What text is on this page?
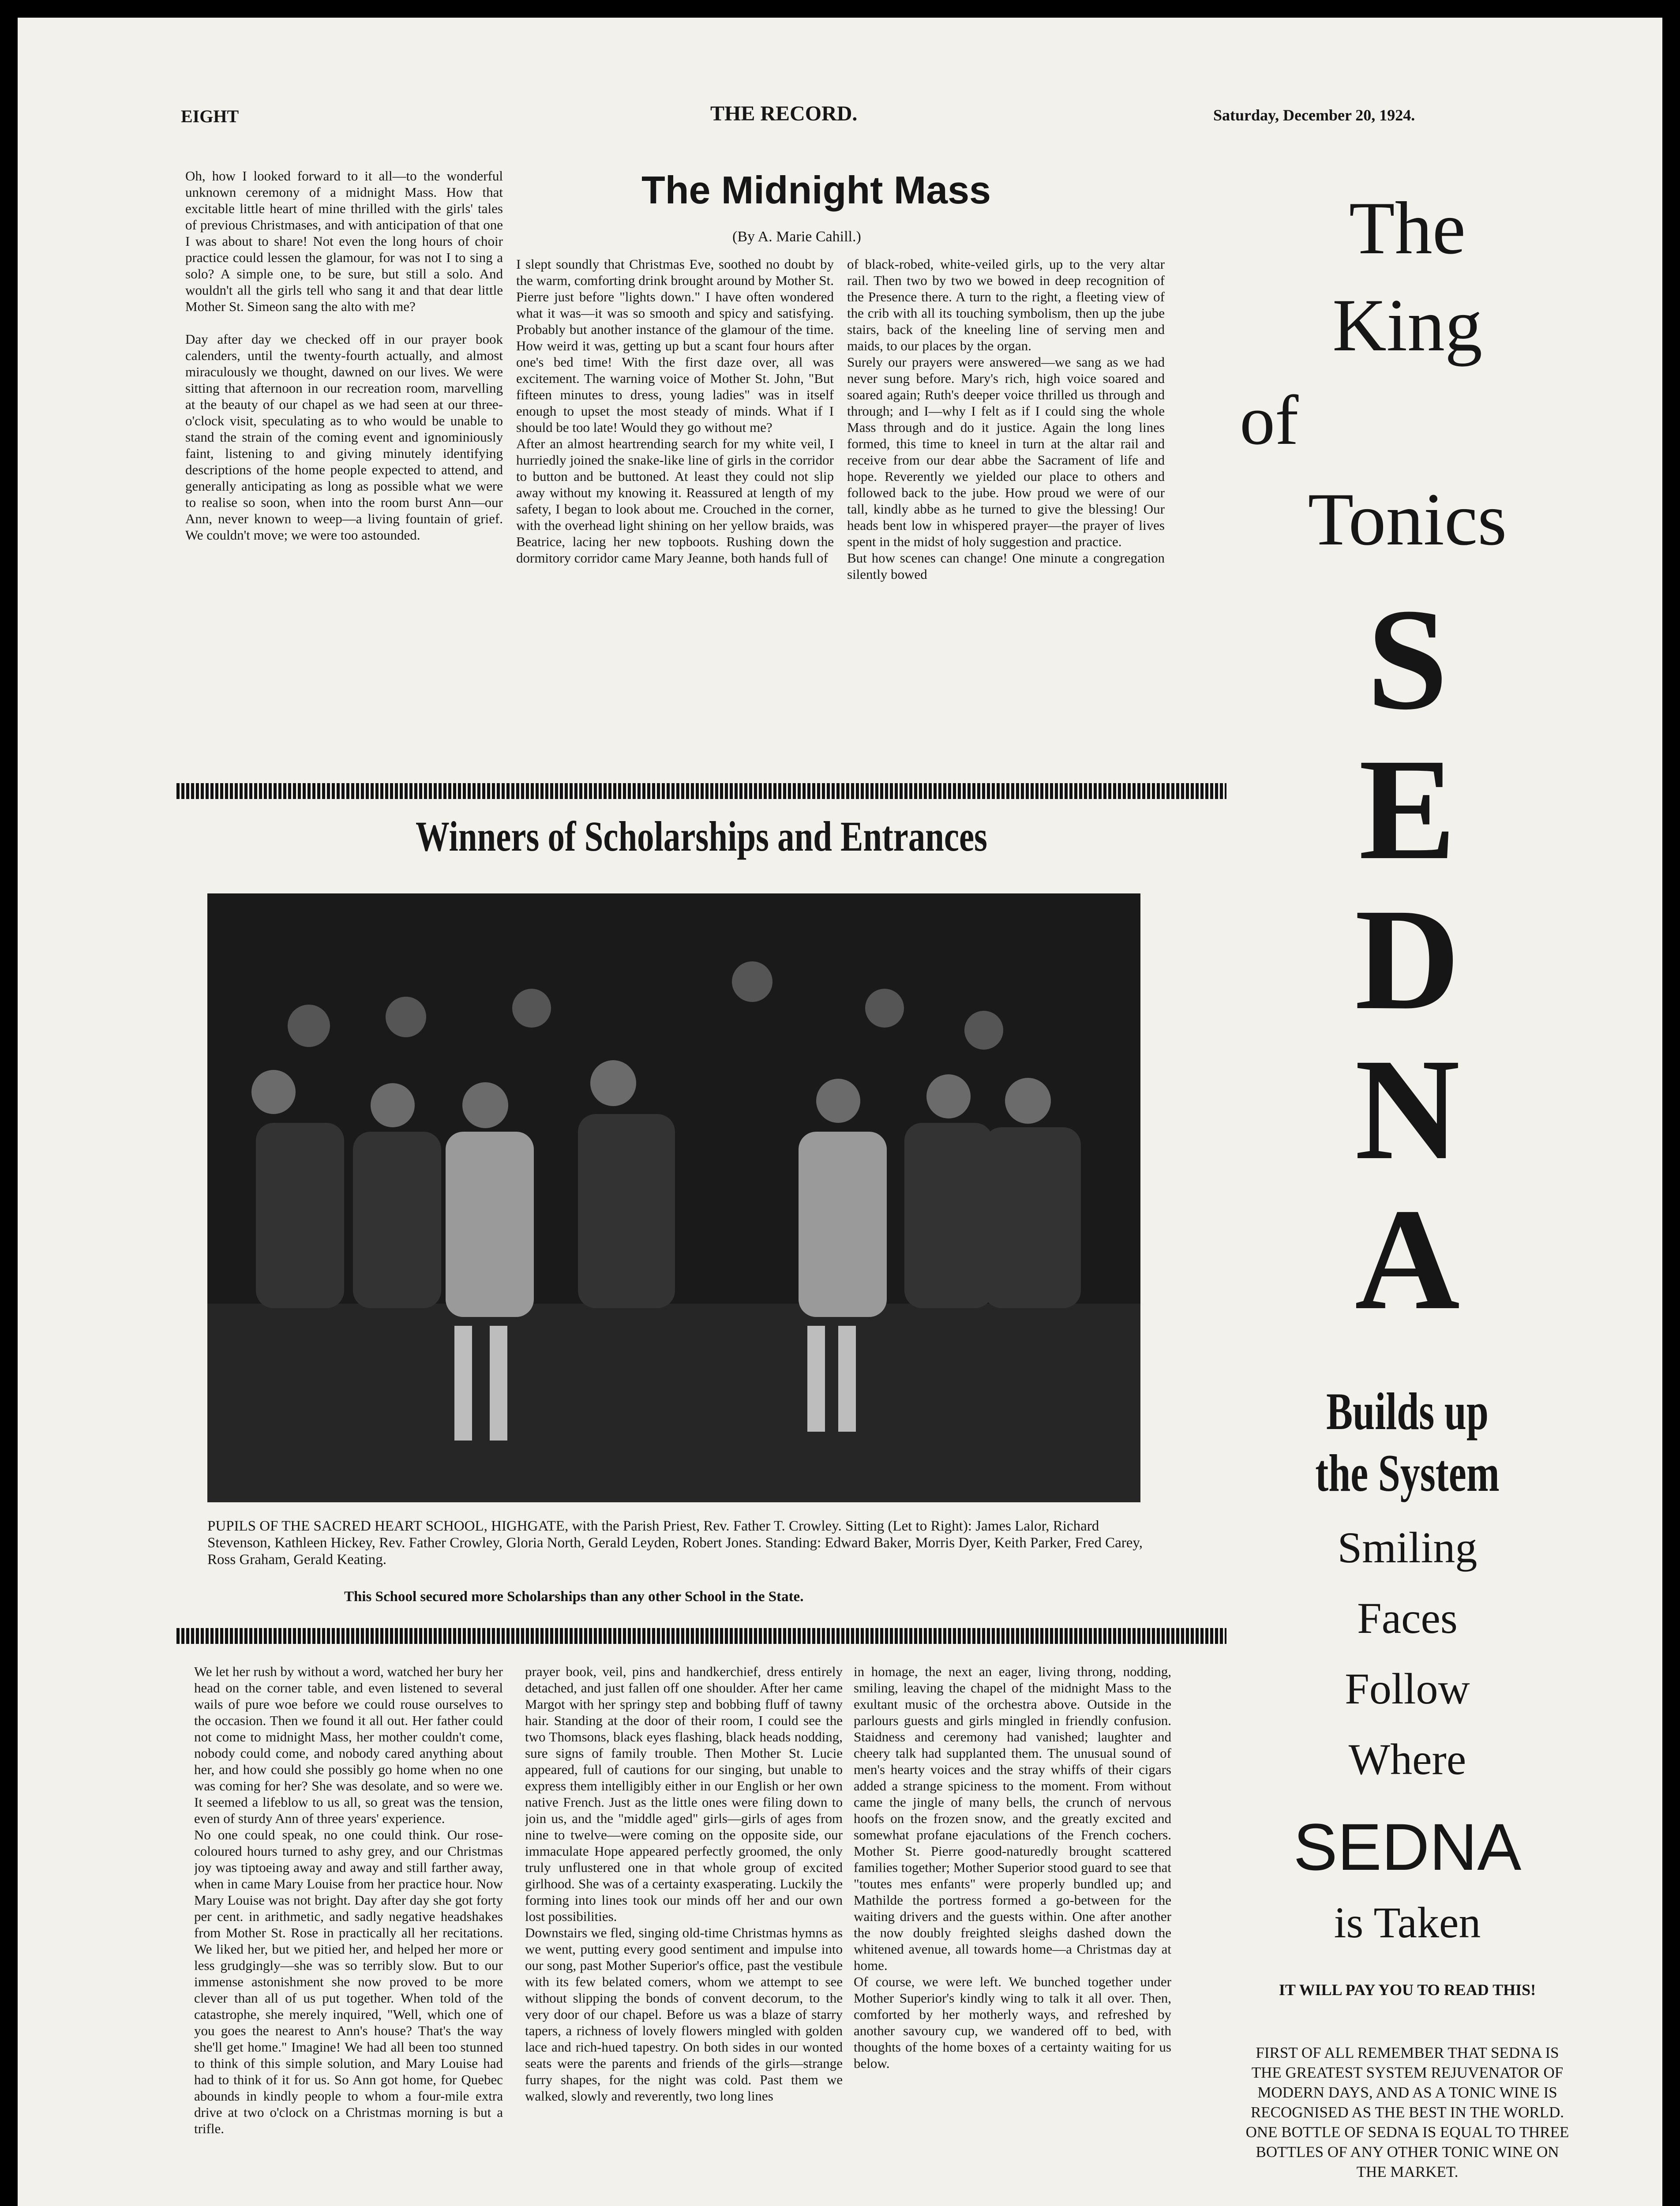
EIGHT	THE RECORD.	Saturday, December 20, 1924.
The Midnight Mass
(By A. Marie Cahill.)
Oh, how I looked forward to it all—to the wonderful unknown ceremony of a midnight Mass. How that excitable little heart of mine thrilled with the girls' tales of previous Christmases, and with anticipation of that one I was about to share! Not even the long hours of choir practice could lessen the glamour, for was not I to sing a solo? A simple one, to be sure, but still a solo. And wouldn't all the girls tell who sang it and that dear little Mother St. Simeon sang the alto with me?

Day after day we checked off in our prayer book calenders, until the twenty-fourth actually, and almost miraculously we thought, dawned on our lives. We were sitting that afternoon in our recreation room, marvelling at the beauty of our chapel as we had seen at our three-o'clock visit, speculating as to who would be unable to stand the strain of the coming event and ignominiously faint, listening to and giving minutely identifying descriptions of the home people expected to attend, and generally anticipating as long as possible what we were to realise so soon, when into the room burst Ann—our Ann, never known to weep—a living fountain of grief. We couldn't move; we were too astounded.
I slept soundly that Christmas Eve, soothed no doubt by the warm, comforting drink brought around by Mother St. Pierre just before "lights down." I have often wondered what it was—it was so smooth and spicy and satisfying. Probably but another instance of the glamour of the time. How weird it was, getting up but a scant four hours after one's bed time! With the first daze over, all was excitement. The warning voice of Mother St. John, "But fifteen minutes to dress, young ladies" was in itself enough to upset the most steady of minds. What if I should be too late! Would they go without me?
After an almost heartrending search for my white veil, I hurriedly joined the snake-like line of girls in the corridor to button and be buttoned. At least they could not slip away without my knowing it. Reassured at length of my safety, I began to look about me. Crouched in the corner, with the overhead light shining on her yellow braids, was Beatrice, lacing her new topboots. Rushing down the dormitory corridor came Mary Jeanne, both hands full of
of black-robed, white-veiled girls, up to the very altar rail. Then two by two we bowed in deep recognition of the Presence there. A turn to the right, a fleeting view of the crib with all its touching symbolism, then up the jube stairs, back of the kneeling line of serving men and maids, to our places by the organ.
Surely our prayers were answered—we sang as we had never sung before. Mary's rich, high voice soared and soared again; Ruth's deeper voice thrilled us through and through; and I—why I felt as if I could sing the whole Mass through and do it justice. Again the long lines formed, this time to kneel in turn at the altar rail and receive from our dear abbe the Sacrament of life and hope. Reverently we yielded our place to others and followed back to the jube. How proud we were of our tall, kindly abbe as he turned to give the blessing! Our heads bent low in whispered prayer—the prayer of lives spent in the midst of holy suggestion and practice.
But how scenes can change! One minute a congregation silently bowed
Winners of Scholarships and Entrances
PUPILS OF THE SACRED HEART SCHOOL, HIGHGATE, with the Parish Priest, Rev. Father T. Crowley. Sitting (Let to Right): James Lalor, Richard Stevenson, Kathleen Hickey, Rev. Father Crowley, Gloria North, Gerald Leyden, Robert Jones. Standing: Edward Baker, Morris Dyer, Keith Parker, Fred Carey, Ross Graham, Gerald Keating.
This School secured more Scholarships than any other School in the State.
We let her rush by without a word, watched her bury her head on the corner table, and even listened to several wails of pure woe before we could rouse ourselves to the occasion. Then we found it all out. Her father could not come to midnight Mass, her mother couldn't come, nobody could come, and nobody cared anything about her, and how could she possibly go home when no one was coming for her? She was desolate, and so were we. It seemed a lifeblow to us all, so great was the tension, even of sturdy Ann of three years' experience.
No one could speak, no one could think. Our rose-coloured hours turned to ashy grey, and our Christmas joy was tiptoeing away and away and still farther away, when in came Mary Louise from her practice hour. Now Mary Louise was not bright. Day after day she got forty per cent. in arithmetic, and sadly negative headshakes from Mother St. Rose in practically all her recitations. We liked her, but we pitied her, and helped her more or less grudgingly—she was so terribly slow. But to our immense astonishment she now proved to be more clever than all of us put together. When told of the catastrophe, she merely inquired, "Well, which one of you goes the nearest to Ann's house? That's the way she'll get home." Imagine! We had all been too stunned to think of this simple solution, and Mary Louise had had to think of it for us. So Ann got home, for Quebec abounds in kindly people to whom a four-mile extra drive at two o'clock on a Christmas morning is but a trifle.
prayer book, veil, pins and handkerchief, dress entirely detached, and just fallen off one shoulder. After her came Margot with her springy step and bobbing fluff of tawny hair. Standing at the door of their room, I could see the two Thomsons, black eyes flashing, black heads nodding, sure signs of family trouble. Then Mother St. Lucie appeared, full of cautions for our singing, but unable to express them intelligibly either in our English or her own native French. Just as the little ones were filing down to join us, and the "middle aged" girls—girls of ages from nine to twelve—were coming on the opposite side, our immaculate Hope appeared perfectly groomed, the only truly unflustered one in that whole group of excited girlhood. She was of a certainty exasperating. Luckily the forming into lines took our minds off her and our own lost possibilities.
Downstairs we fled, singing old-time Christmas hymns as we went, putting every good sentiment and impulse into our song, past Mother Superior's office, past the vestibule with its few belated comers, whom we attempt to see without slipping the bonds of convent decorum, to the very door of our chapel. Before us was a blaze of starry tapers, a richness of lovely flowers mingled with golden lace and rich-hued tapestry. On both sides in our wonted seats were the parents and friends of the girls—strange furry shapes, for the night was cold. Past them we walked, slowly and reverently, two long lines
in homage, the next an eager, living throng, nodding, smiling, leaving the chapel of the midnight Mass to the exultant music of the orchestra above. Outside in the parlours guests and girls mingled in friendly confusion. Staidness and ceremony had vanished; laughter and cheery talk had supplanted them. The unusual sound of men's hearty voices and the stray whiffs of their cigars added a strange spiciness to the moment. From without came the jingle of many bells, the crunch of nervous hoofs on the frozen snow, and the greatly excited and somewhat profane ejaculations of the French cochers. Mother St. Pierre good-naturedly brought scattered families together; Mother Superior stood guard to see that "toutes mes enfants" were properly bundled up; and Mathilde the portress formed a go-between for the waiting drivers and the guests within. One after another the now doubly freighted sleighs dashed down the whitened avenue, all towards home—a Christmas day at home.
Of course, we were left. We bunched together under Mother Superior's kindly wing to talk it all over. Then, comforted by her motherly ways, and refreshed by another savoury cup, we wandered off to bed, with thoughts of the home boxes of a certainty waiting for us below.
The
King
of
Tonics
S
E
D
N
A
Builds up
the System
Smiling
Faces
Follow
Where
SEDNA
is Taken
IT WILL PAY YOU TO READ THIS!
FIRST OF ALL REMEMBER THAT SEDNA IS THE GREATEST SYSTEM REJUVENATOR OF MODERN DAYS, AND AS A TONIC WINE IS RECOGNISED AS THE BEST IN THE WORLD. ONE BOTTLE OF SEDNA IS EQUAL TO THREE BOTTLES OF ANY OTHER TONIC WINE ON THE MARKET.
